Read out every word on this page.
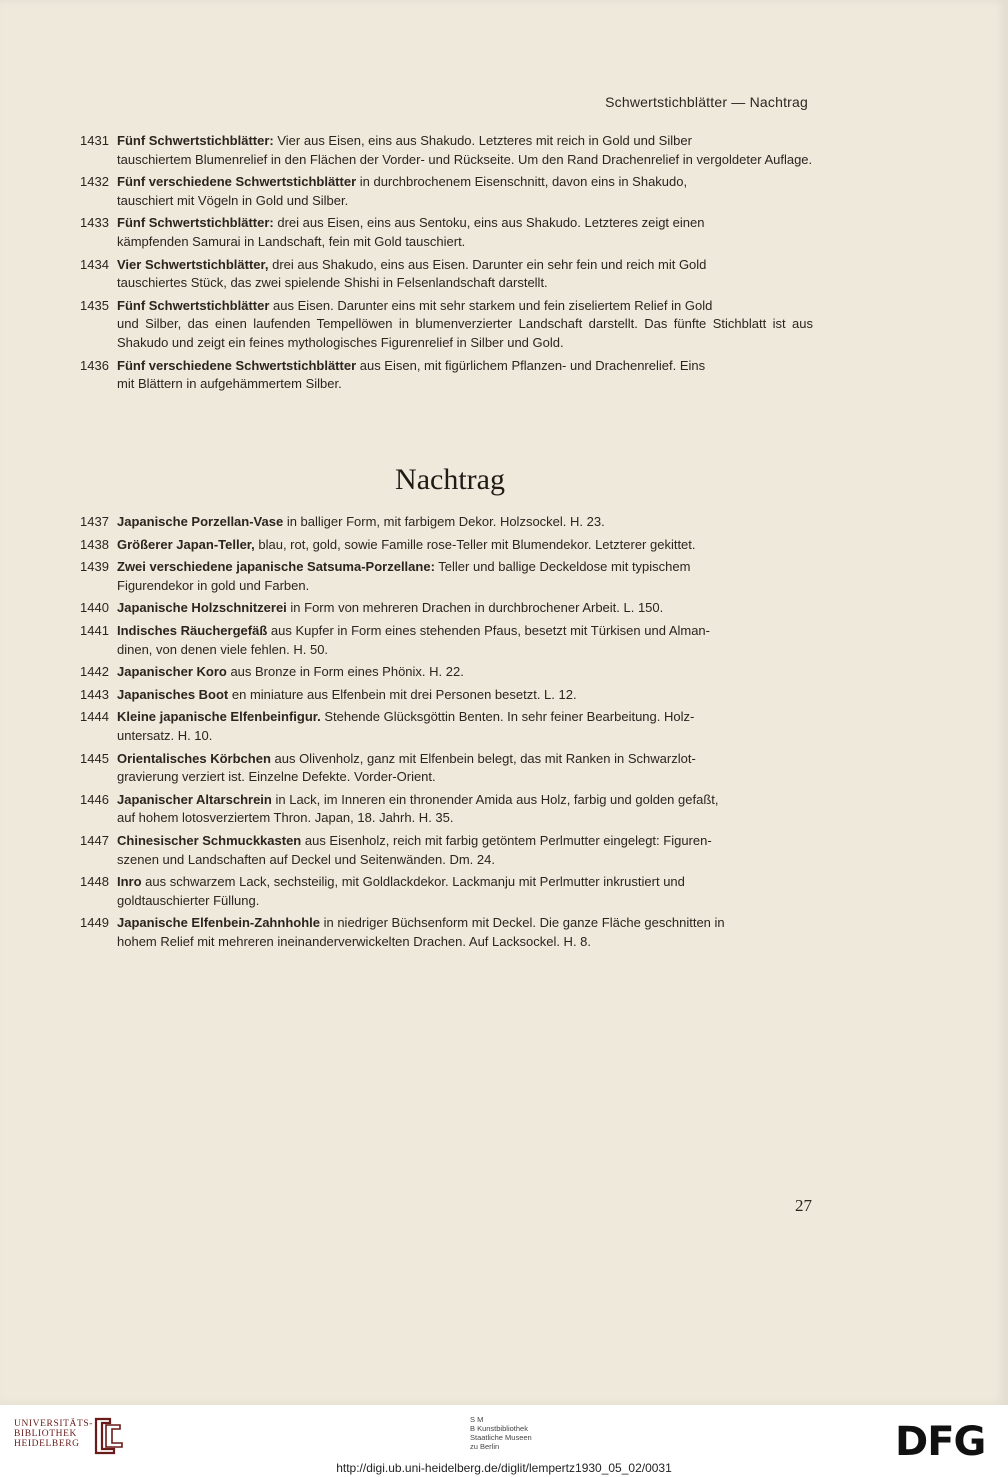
Schwertstichblätter — Nachtrag
1431 Fünf Schwertstichblätter: Vier aus Eisen, eins aus Shakudo. Letzteres mit reich in Gold und Silber
tauschiertem Blumenrelief in den Flächen der Vorder- und Rückseite. Um den Rand Drachenrelief in vergoldeter Auflage.
1432 Fünf verschiedene Schwertstichblätter in durchbrochenem Eisenschnitt, davon eins in Shakudo,
tauschiert mit Vögeln in Gold und Silber.
1433 Fünf Schwertstichblätter: drei aus Eisen, eins aus Sentoku, eins aus Shakudo. Letzteres zeigt einen
kämpfenden Samurai in Landschaft, fein mit Gold tauschiert.
1434 Vier Schwertstichblätter, drei aus Shakudo, eins aus Eisen. Darunter ein sehr fein und reich mit Gold
tauschiertes Stück, das zwei spielende Shishi in Felsenlandschaft darstellt.
1435 Fünf Schwertstichblätter aus Eisen. Darunter eins mit sehr starkem und fein ziseliertem Relief in Gold
und Silber, das einen laufenden Tempellöwen in blumenverzierter Landschaft darstellt. Das fünfte Stichblatt ist aus Shakudo und zeigt ein feines mythologisches Figurenrelief in Silber und Gold.
1436 Fünf verschiedene Schwertstichblätter aus Eisen, mit figürlichem Pflanzen- und Drachenrelief. Eins
mit Blättern in aufgehämmertem Silber.
Nachtrag
1437 Japanische Porzellan-Vase in balliger Form, mit farbigem Dekor. Holzsockel. H. 23.
1438 Größerer Japan-Teller, blau, rot, gold, sowie Famille rose-Teller mit Blumendekor. Letzterer gekittet.
1439 Zwei verschiedene japanische Satsuma-Porzellane: Teller und ballige Deckeldose mit typischem
Figurendekor in gold und Farben.
1440 Japanische Holzschnitzerei in Form von mehreren Drachen in durchbrochener Arbeit. L. 150.
1441 Indisches Räuchergefäß aus Kupfer in Form eines stehenden Pfaus, besetzt mit Türkisen und Alman-
dinen, von denen viele fehlen. H. 50.
1442 Japanischer Koro aus Bronze in Form eines Phönix. H. 22.
1443 Japanisches Boot en miniature aus Elfenbein mit drei Personen besetzt. L. 12.
1444 Kleine japanische Elfenbeinfigur. Stehende Glücksgöttin Benten. In sehr feiner Bearbeitung. Holz-
untersatz. H. 10.
1445 Orientalisches Körbchen aus Olivenholz, ganz mit Elfenbein belegt, das mit Ranken in Schwarzlot-
gravierung verziert ist. Einzelne Defekte. Vorder-Orient.
1446 Japanischer Altarschrein in Lack, im Inneren ein thronender Amida aus Holz, farbig und golden gefaßt,
auf hohem lotosverziertem Thron. Japan, 18. Jahrh. H. 35.
1447 Chinesischer Schmuckkasten aus Eisenholz, reich mit farbig getöntem Perlmutter eingelegt: Figuren-
szenen und Landschaften auf Deckel und Seitenwänden. Dm. 24.
1448 Inro aus schwarzem Lack, sechsteilig, mit Goldlackdekor. Lackmanju mit Perlmutter inkrustiert und
goldtauschierter Füllung.
1449 Japanische Elfenbein-Zahnhohle in niedriger Büchsenform mit Deckel. Die ganze Fläche geschnitten in
hohem Relief mit mehreren ineinanderverwickelten Drachen. Auf Lacksockel. H. 8.
27
UNIVERSITÄTS-
BIBLIOTHEK
HEIDELBERG
S M
B Kunstbibliothek
Staatliche Museen
zu Berlin	DFG
http://digi.ub.uni-heidelberg.de/diglit/lempertz1930_05_02/0031
